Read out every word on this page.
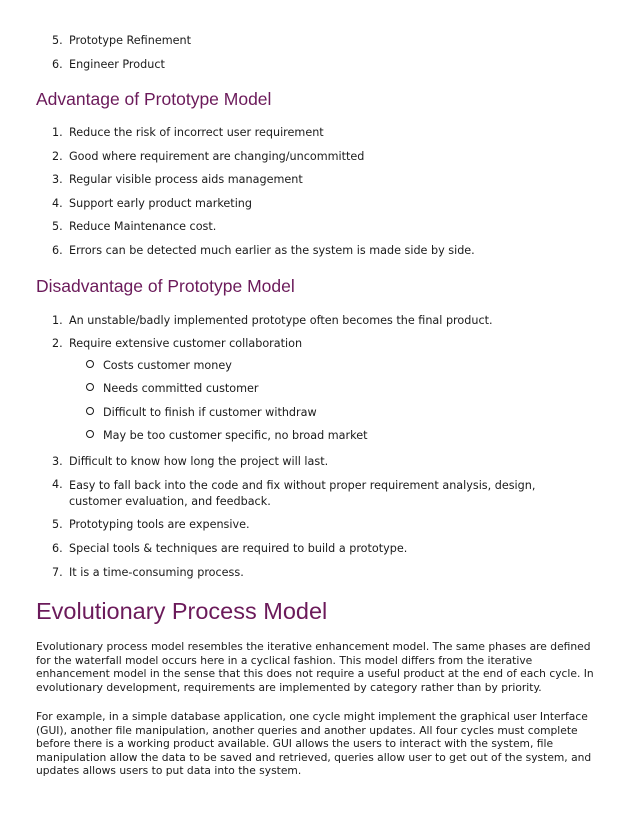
5. Prototype Refinement
6. Engineer Product
Advantage of Prototype Model
1. Reduce the risk of incorrect user requirement
2. Good where requirement are changing/uncommitted
3. Regular visible process aids management
4. Support early product marketing
5. Reduce Maintenance cost.
6. Errors can be detected much earlier as the system is made side by side.
Disadvantage of Prototype Model
1. An unstable/badly implemented prototype often becomes the final product.
2. Require extensive customer collaboration
Costs customer money
Needs committed customer
Difficult to finish if customer withdraw
May be too customer specific, no broad market
3. Difficult to know how long the project will last.
4. Easy to fall back into the code and fix without proper requirement analysis, design, customer evaluation, and feedback.
5. Prototyping tools are expensive.
6. Special tools & techniques are required to build a prototype.
7. It is a time-consuming process.
Evolutionary Process Model

Evolutionary process model resembles the iterative enhancement model. The same phases are defined for the waterfall model occurs here in a cyclical fashion. This model differs from the iterative enhancement model in the sense that this does not require a useful product at the end of each cycle. In evolutionary development, requirements are implemented by category rather than by priority.

For example, in a simple database application, one cycle might implement the graphical user Interface (GUI), another file manipulation, another queries and another updates. All four cycles must complete before there is a working product available. GUI allows the users to interact with the system, file manipulation allow the data to be saved and retrieved, queries allow user to get out of the system, and updates allows users to put data into the system.
